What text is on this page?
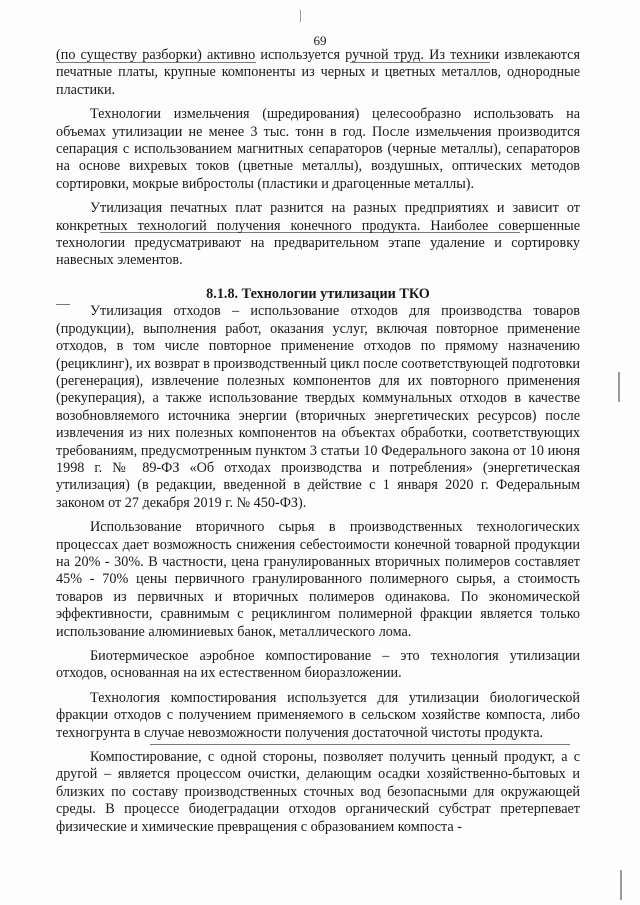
69

(по существу разборки) активно используется ручной труд. Из техники извлекаются печатные платы, крупные компоненты из черных и цветных металлов, однородные пластики.

Технологии измельчения (шредирования) целесообразно использовать на объемах утилизации не менее 3 тыс. тонн в год. После измельчения производится сепарация с использованием магнитных сепараторов (черные металлы), сепараторов на основе вихревых токов (цветные металлы), воздушных, оптических методов сортировки, мокрые вибростолы (пластики и драгоценные металлы).

Утилизация печатных плат разнится на разных предприятиях и зависит от конкретных технологий получения конечного продукта. Наиболее совершенные технологии предусматривают на предварительном этапе удаление и сортировку навесных элементов.

8.1.8. Технологии утилизации ТКО

Утилизация отходов – использование отходов для производства товаров (продукции), выполнения работ, оказания услуг, включая повторное применение отходов, в том числе повторное применение отходов по прямому назначению (рециклинг), их возврат в производственный цикл после соответствующей подготовки (регенерация), извлечение полезных компонентов для их повторного применения (рекуперация), а также использование твердых коммунальных отходов в качестве возобновляемого источника энергии (вторичных энергетических ресурсов) после извлечения из них полезных компонентов на объектах обработки, соответствующих требованиям, предусмотренным пунктом 3 статьи 10 Федерального закона от 10 июня 1998 г. № 89-ФЗ «Об отходах производства и потребления» (энергетическая утилизация) (в редакции, введенной в действие с 1 января 2020 г. Федеральным законом от 27 декабря 2019 г. № 450-ФЗ).

Использование вторичного сырья в производственных технологических процессах дает возможность снижения себестоимости конечной товарной продукции на 20% - 30%. В частности, цена гранулированных вторичных полимеров составляет 45% - 70% цены первичного гранулированного полимерного сырья, а стоимость товаров из первичных и вторичных полимеров одинакова. По экономической эффективности, сравнимым с рециклингом полимерной фракции является только использование алюминиевых банок, металлического лома.

Биотермическое аэробное компостирование – это технология утилизации отходов, основанная на их естественном биоразложении.

Технология компостирования используется для утилизации биологической фракции отходов с получением применяемого в сельском хозяйстве компоста, либо техногрунта в случае невозможности получения достаточной чистоты продукта.

Компостирование, с одной стороны, позволяет получить ценный продукт, а с другой – является процессом очистки, делающим осадки хозяйственно-бытовых и близких по составу производственных сточных вод безопасными для окружающей среды. В процессе биодеградации отходов органический субстрат претерпевает физические и химические превращения с образованием компоста -
